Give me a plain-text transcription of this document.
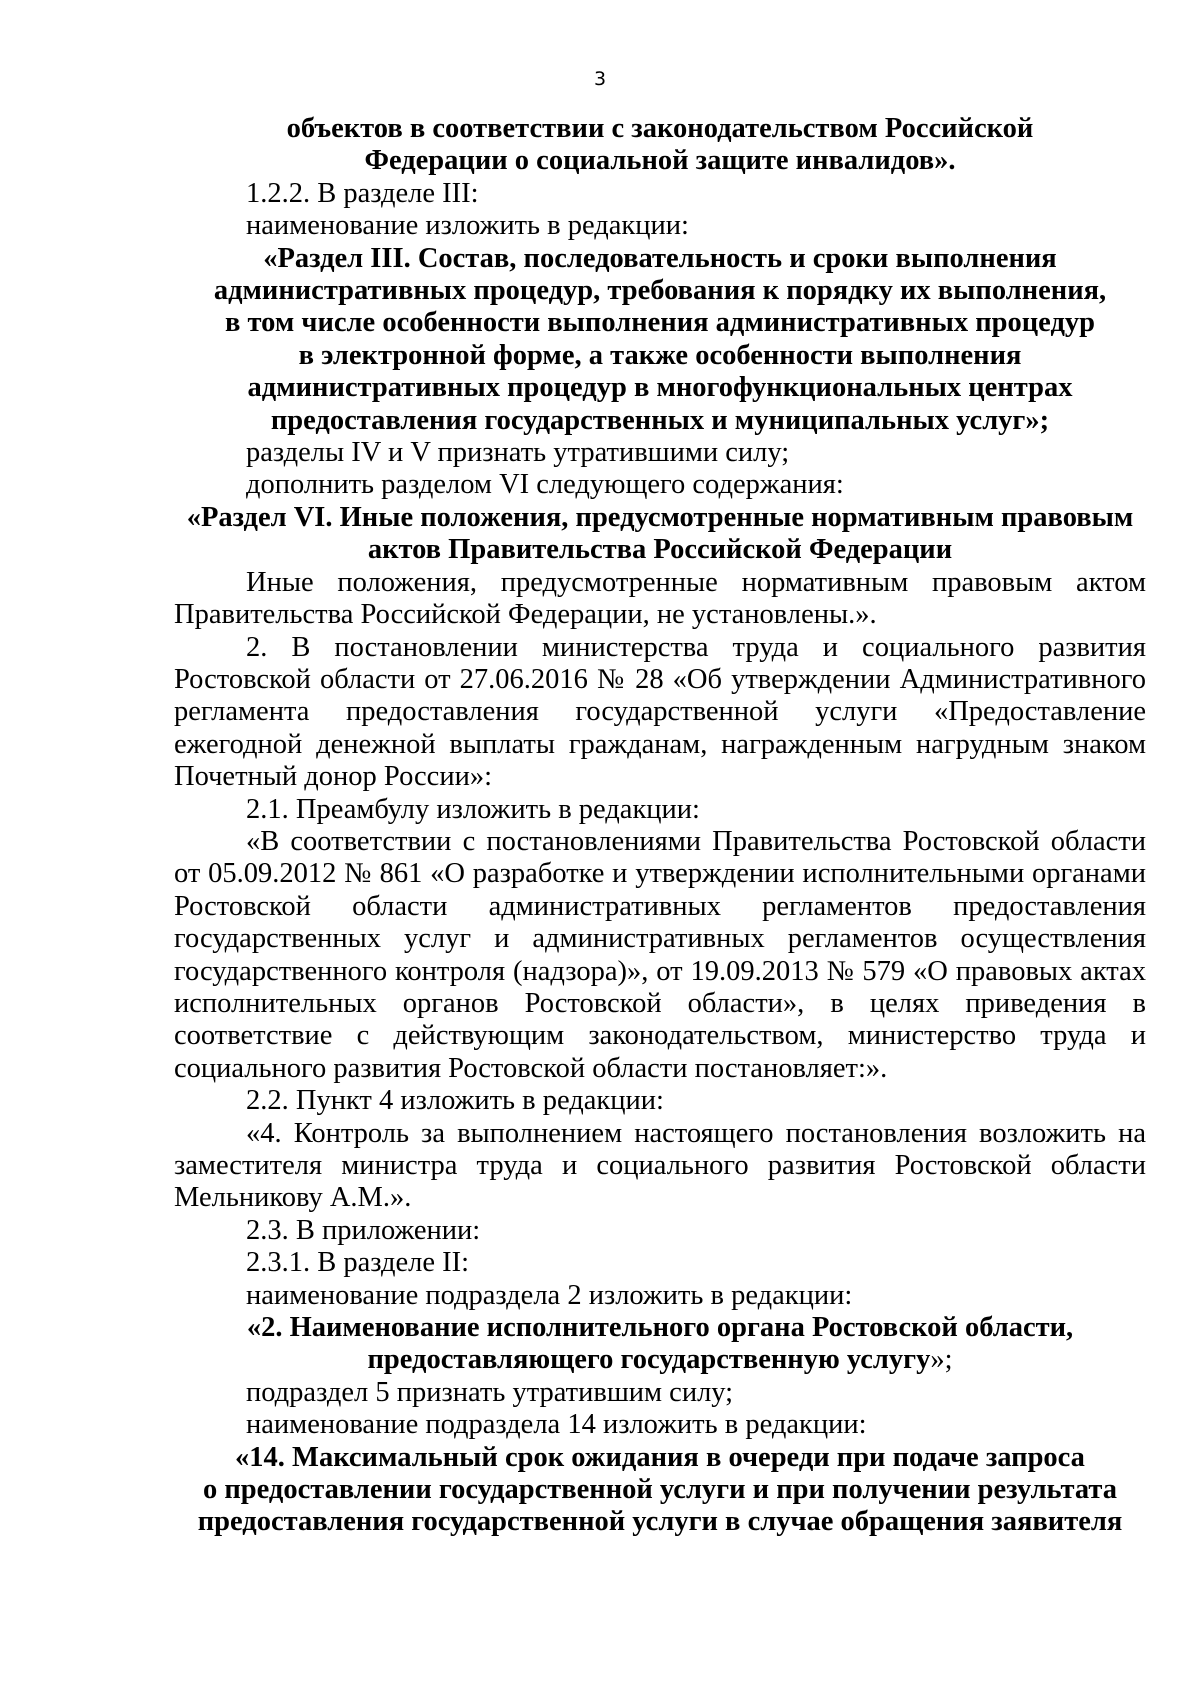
3

объектов в соответствии с законодательством Российской

Федерации о социальной защите инвалидов».

1.2.2. В разделе III:

наименование изложить в редакции:

«Раздел III. Состав, последовательность и сроки выполнения

административных процедур, требования к порядку их выполнения,

в том числе особенности выполнения административных процедур

в электронной форме, а также особенности выполнения

административных процедур в многофункциональных центрах

предоставления государственных и муниципальных услуг»;

разделы IV и V признать утратившими силу;

дополнить разделом VI следующего содержания:

«Раздел VI. Иные положения, предусмотренные нормативным правовым

актов Правительства Российской Федерации

Иные положения, предусмотренные нормативным правовым актом Правительства Российской Федерации, не установлены.».

2. В постановлении министерства труда и социального развития Ростовской области от 27.06.2016 № 28 «Об утверждении Административного регламента предоставления государственной услуги «Предоставление ежегодной денежной выплаты гражданам, награжденным нагрудным знаком Почетный донор России»:

2.1. Преамбулу изложить в редакции:

«В соответствии с постановлениями Правительства Ростовской области от 05.09.2012 № 861 «О разработке и утверждении исполнительными органами Ростовской области административных регламентов предоставления государственных услуг и административных регламентов осуществления государственного контроля (надзора)», от 19.09.2013 № 579 «О правовых актах исполнительных органов Ростовской области», в целях приведения в соответствие с действующим законодательством, министерство труда и социального развития Ростовской области постановляет:».

2.2. Пункт 4 изложить в редакции:

«4. Контроль за выполнением настоящего постановления возложить на заместителя министра труда и социального развития Ростовской области Мельникову А.М.».

2.3. В приложении:

2.3.1. В разделе II:

наименование подраздела 2 изложить в редакции:

«2. Наименование исполнительного органа Ростовской области,

предоставляющего государственную услугу»;

подраздел 5 признать утратившим силу;

наименование подраздела 14 изложить в редакции:

«14. Максимальный срок ожидания в очереди при подаче запроса

о предоставлении государственной услуги и при получении результата

предоставления государственной услуги в случае обращения заявителя
